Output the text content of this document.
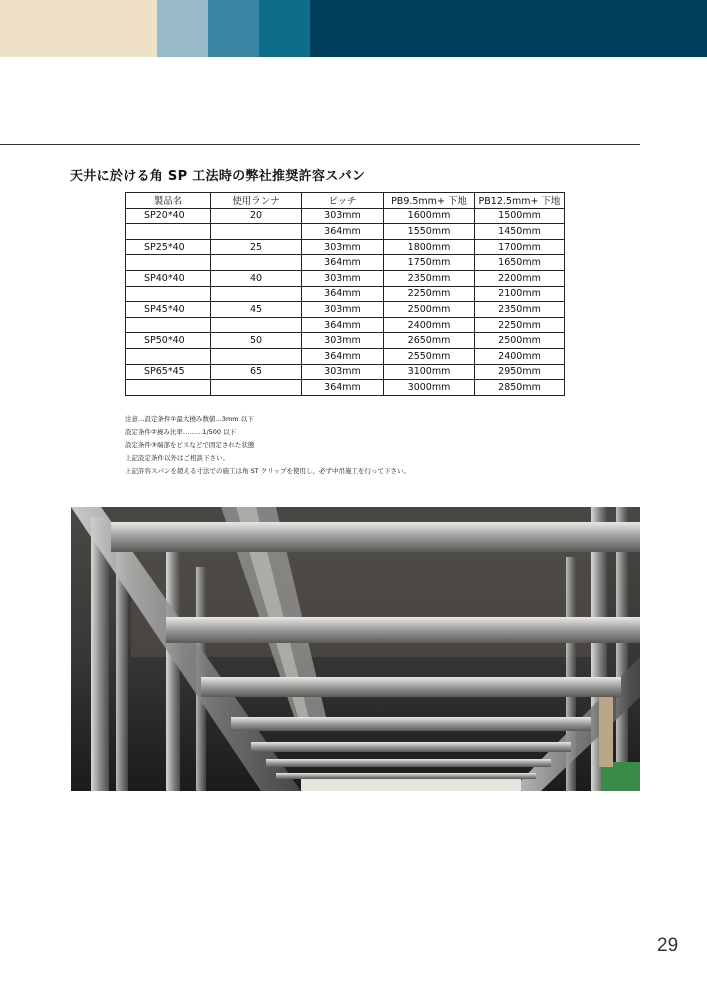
天井に於ける角 SP 工法時の弊社推奨許容スパン
製品名	使用ランナ	ピッチ	PB9.5mm+ 下地	PB12.5mm+ 下地
SP20*40	20	303mm	1600mm	1500mm
		364mm	1550mm	1450mm
SP25*40	25	303mm	1800mm	1700mm
		364mm	1750mm	1650mm
SP40*40	40	303mm	2350mm	2200mm
		364mm	2250mm	2100mm
SP45*40	45	303mm	2500mm	2350mm
		364mm	2400mm	2250mm
SP50*40	50	303mm	2650mm	2500mm
		364mm	2550mm	2400mm
SP65*45	65	303mm	3100mm	2950mm
		364mm	3000mm	2850mm
注意…設定条件①最大撓み数値…3mm 以下
設定条件②撓み比率………1/500 以下
設定条件③端部をビスなどで固定された状態
上記設定条件以外はご相談下さい。
上記許容スパンを超える寸法での施工は角 ST クリップを使用し、必ず中吊施工を行って下さい。
29
